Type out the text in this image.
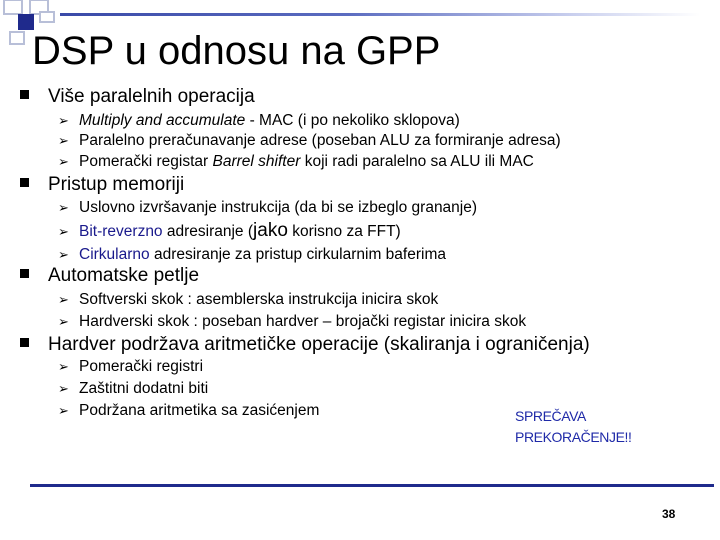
DSP u odnosu na GPP
Više paralelnih operacija
➢ Multiply and accumulate - MAC (i po nekoliko sklopova)
➢ Paralelno preračunavanje adrese (poseban ALU za formiranje adresa)
➢ Pomerački registar Barrel shifter koji radi paralelno sa ALU ili MAC
Pristup memoriji
➢ Uslovno izvršavanje instrukcija (da bi se izbeglo grananje)
➢ Bit-reverzno adresiranje (jako korisno za FFT)
➢ Cirkularno adresiranje za pristup cirkularnim baferima
Automatske petlje
➢ Softverski skok : asemblerska instrukcija inicira skok
➢ Hardverski skok : poseban hardver – brojački registar inicira skok
Hardver podržava aritmetičke operacije (skaliranja i ograničenja)
➢ Pomerački registri
➢ Zaštitni dodatni biti
➢ Podržana aritmetika sa zasićenjem	SPREČAVA
PREKORAČENJE!!
38
